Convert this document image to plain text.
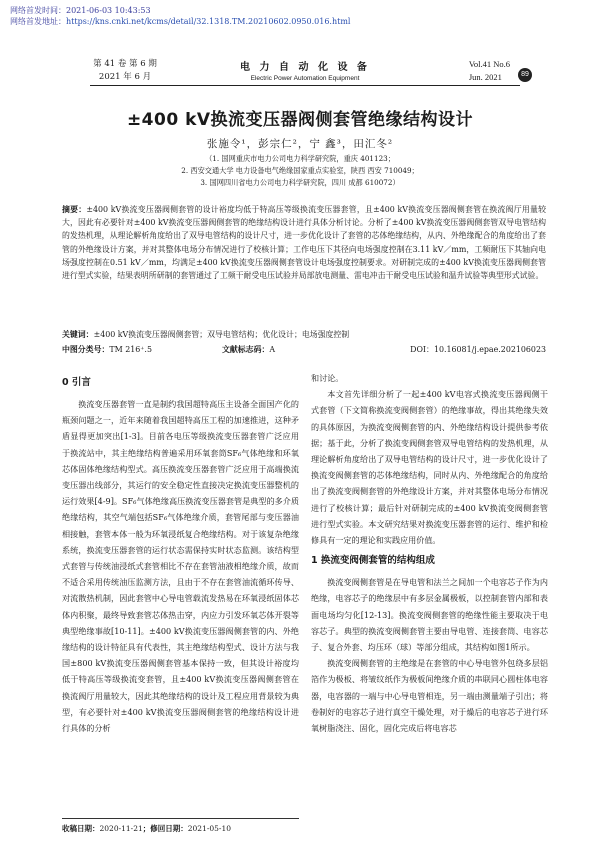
网络首发时间：2021-06-03 10:43:53
网络首发地址：https://kns.cnki.net/kcms/detail/32.1318.TM.20210602.0950.016.html
第 41 卷 第 6 期
2021 年 6 月
电 力 自 动 化 设 备
Electric Power Automation Equipment
Vol.41 No.6
Jun. 2021	89
±400 kV换流变压器阀侧套管绝缘结构设计
张施令¹，彭宗仁²，宁 鑫³，田汇冬²
（1. 国网重庆市电力公司电力科学研究院，重庆 401123；
2. 西安交通大学 电力设备电气绝缘国家重点实验室，陕西 西安 710049；
3. 国网四川省电力公司电力科学研究院，四川 成都 610072）
摘要：±400 kV换流变压器阀侧套管的设计裕度均低于特高压等级换流变压器套管，且±400 kV换流变压器阀侧套管在换流阀厅用量较大，因此有必要针对±400 kV换流变压器阀侧套管的绝缘结构设计进行具体分析讨论。分析了±400 kV换流变压器阀侧套管双导电管结构的发热机理，从理论解析角度给出了双导电管结构的设计尺寸，进一步优化设计了套管的芯体绝缘结构，从内、外绝缘配合的角度给出了套管的外绝缘设计方案，并对其整体电场分布情况进行了校核计算；工作电压下其径向电场强度控制在3.11 kV／mm，工频耐压下其轴向电场强度控制在0.51 kV／mm，均满足±400 kV换流变压器阀侧套管设计电场强度控制要求。对研制完成的±400 kV换流变压器阀侧套管进行型式实验，结果表明所研制的套管通过了工频干耐受电压试验并局部放电测量、雷电冲击干耐受电压试验和温升试验等典型形式试验。
关键词：±400 kV换流变压器阀侧套管；双导电管结构；优化设计；电场强度控制
中图分类号：TM 216⁺.5	文献标志码：A	DOI：10.16081/j.epae.202106023
0 引言

换流变压器套管一直是制约我国超特高压主设备全面国产化的瓶颈问题之一，近年来随着我国超特高压工程的加速推进，这种矛盾显得更加突出[1-3]。目前各电压等级换流变压器套管广泛应用于换流站中，其主绝缘结构普遍采用环氧套筒SF₆气体绝缘和环氧芯体固体绝缘结构型式。高压换流变压器套管广泛应用于高端换流变压器出线部分，其运行的安全稳定性直接决定换流变压器整机的运行效果[4-9]。SF₆气体绝缘高压换流变压器套管是典型的多介质绝缘结构，其空气端包括SF₆气体绝缘介质，套管尾部与变压器油相接触，套管本体一般为环氧浸纸复合绝缘结构。对于该复杂绝缘系统，换流变压器套管的运行状态需保持实时状态监测。该结构型式套管与传统油浸纸式套管相比不存在套管油液相绝缘介质，故而不适合采用传统油压监测方法，且由于不存在套管油流循环传导、对流散热机制，因此套管中心导电管载流发热易在环氧浸纸固体芯体内积聚，最终导致套管芯体热击穿，内应力引发环氧芯体开裂等典型绝缘事故[10-11]。±400 kV换流变压器阀侧套管的内、外绝缘结构的设计特征具有代表性，其主绝缘结构型式、设计方法与我国±800 kV换流变压器阀侧套管基本保持一致，但其设计裕度均低于特高压等级换流变套管，且±400 kV换流变压器阀侧套管在换流阀厅用量较大，因此其绝缘结构的设计及工程应用背景较为典型，有必要针对±400 kV换流变压器阀侧套管的绝缘结构设计进行具体的分析

和讨论。

本文首先详细分析了一起±400 kV电容式换流变压器阀侧干式套管（下文简称换流变阀侧套管）的绝缘事故，得出其绝缘失效的具体原因，为换流变阀侧套管的内、外绝缘结构设计提供参考依据；基于此，分析了换流变阀侧套管双导电管结构的发热机理，从理论解析角度给出了双导电管结构的设计尺寸，进一步优化设计了换流变阀侧套管的芯体绝缘结构，同时从内、外绝缘配合的角度给出了换流变阀侧套管的外绝缘设计方案，并对其整体电场分布情况进行了校核计算；最后针对研制完成的±400 kV换流变阀侧套管进行型式实验。本文研究结果对换流变压器套管的运行、维护和检修具有一定的理论和实践应用价值。

1 换流变阀侧套管的结构组成

换流变阀侧套管是在导电管和法兰之间加一个电容芯子作为内绝缘，电容芯子的绝缘层中有多层金属极板，以控制套管内部和表面电场均匀化[12-13]。换流变阀侧套管的绝缘性能主要取决于电容芯子。典型的换流变阀侧套管主要由导电管、连接套筒、电容芯子、复合外套、均压环（球）等部分组成，其结构如图1所示。

换流变阀侧套管的主绝缘是在套管的中心导电管外包绕多层铝箔作为极板、将皱纹纸作为极板间绝缘介质的串联同心圆柱体电容器，电容器的一端与中心导电管相连，另一端由测量端子引出；将卷制好的电容芯子进行真空干燥处理，对于燥后的电容芯子进行环氧树脂浇注、固化，固化完成后将电容芯

收稿日期：2020-11-21；修回日期：2021-05-10
